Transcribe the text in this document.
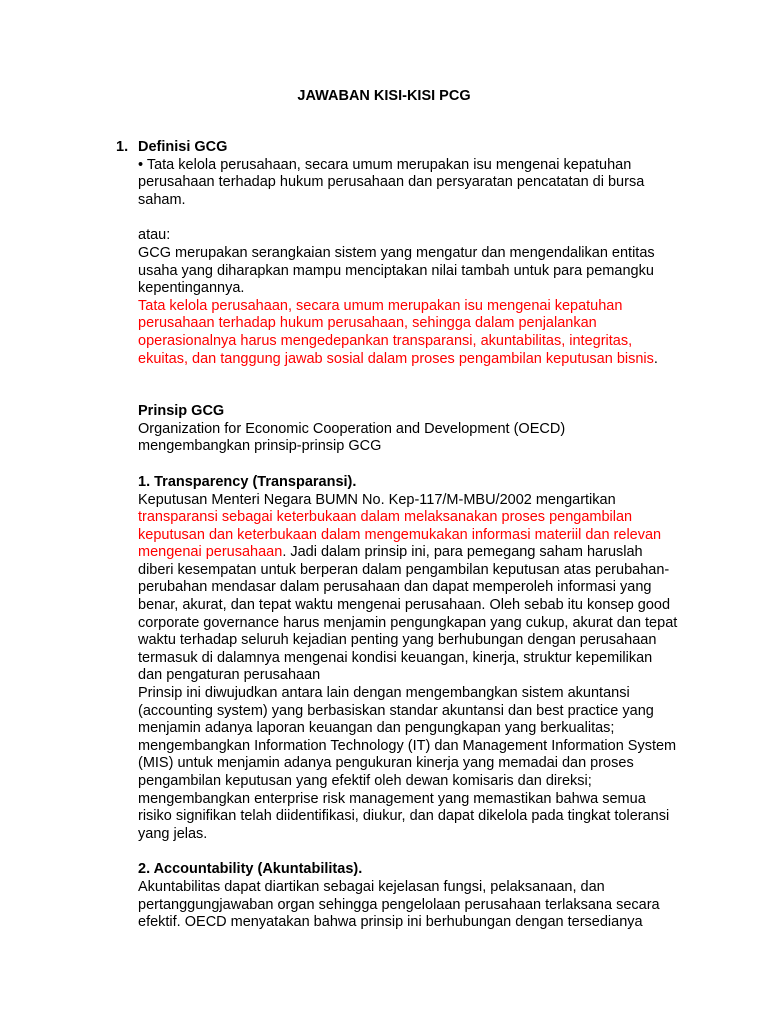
JAWABAN KISI-KISI PCG
1. Definisi GCG

• Tata kelola perusahaan, secara umum merupakan isu mengenai kepatuhan perusahaan terhadap hukum perusahaan dan persyaratan pencatatan di bursa saham.

atau:

GCG merupakan serangkaian sistem yang mengatur dan mengendalikan entitas usaha yang diharapkan mampu menciptakan nilai tambah untuk para pemangku kepentingannya.

Tata kelola perusahaan, secara umum merupakan isu mengenai kepatuhan perusahaan terhadap hukum perusahaan, sehingga dalam penjalankan operasionalnya harus mengedepankan transparansi, akuntabilitas, integritas, ekuitas, dan tanggung jawab sosial dalam proses pengambilan keputusan bisnis.

Prinsip GCG

Organization for Economic Cooperation and Development (OECD) mengembangkan prinsip-prinsip GCG

1. Transparency (Transparansi).

Keputusan Menteri Negara BUMN No. Kep-117/M-MBU/2002 mengartikan transparansi sebagai keterbukaan dalam melaksanakan proses pengambilan keputusan dan keterbukaan dalam mengemukakan informasi materiil dan relevan mengenai perusahaan. Jadi dalam prinsip ini, para pemegang saham haruslah diberi kesempatan untuk berperan dalam pengambilan keputusan atas perubahan-perubahan mendasar dalam perusahaan dan dapat memperoleh informasi yang benar, akurat, dan tepat waktu mengenai perusahaan. Oleh sebab itu konsep good corporate governance harus menjamin pengungkapan yang cukup, akurat dan tepat waktu terhadap seluruh kejadian penting yang berhubungan dengan perusahaan termasuk di dalamnya mengenai kondisi keuangan, kinerja, struktur kepemilikan dan pengaturan perusahaan

Prinsip ini diwujudkan antara lain dengan mengembangkan sistem akuntansi (accounting system) yang berbasiskan standar akuntansi dan best practice yang menjamin adanya laporan keuangan dan pengungkapan yang berkualitas; mengembangkan Information Technology (IT) dan Management Information System (MIS) untuk menjamin adanya pengukuran kinerja yang memadai dan proses pengambilan keputusan yang efektif oleh dewan komisaris dan direksi; mengembangkan enterprise risk management yang memastikan bahwa semua risiko signifikan telah diidentifikasi, diukur, dan dapat dikelola pada tingkat toleransi yang jelas.

2. Accountability (Akuntabilitas).

Akuntabilitas dapat diartikan sebagai kejelasan fungsi, pelaksanaan, dan pertanggungjawaban organ sehingga pengelolaan perusahaan terlaksana secara efektif. OECD menyatakan bahwa prinsip ini berhubungan dengan tersedianya
